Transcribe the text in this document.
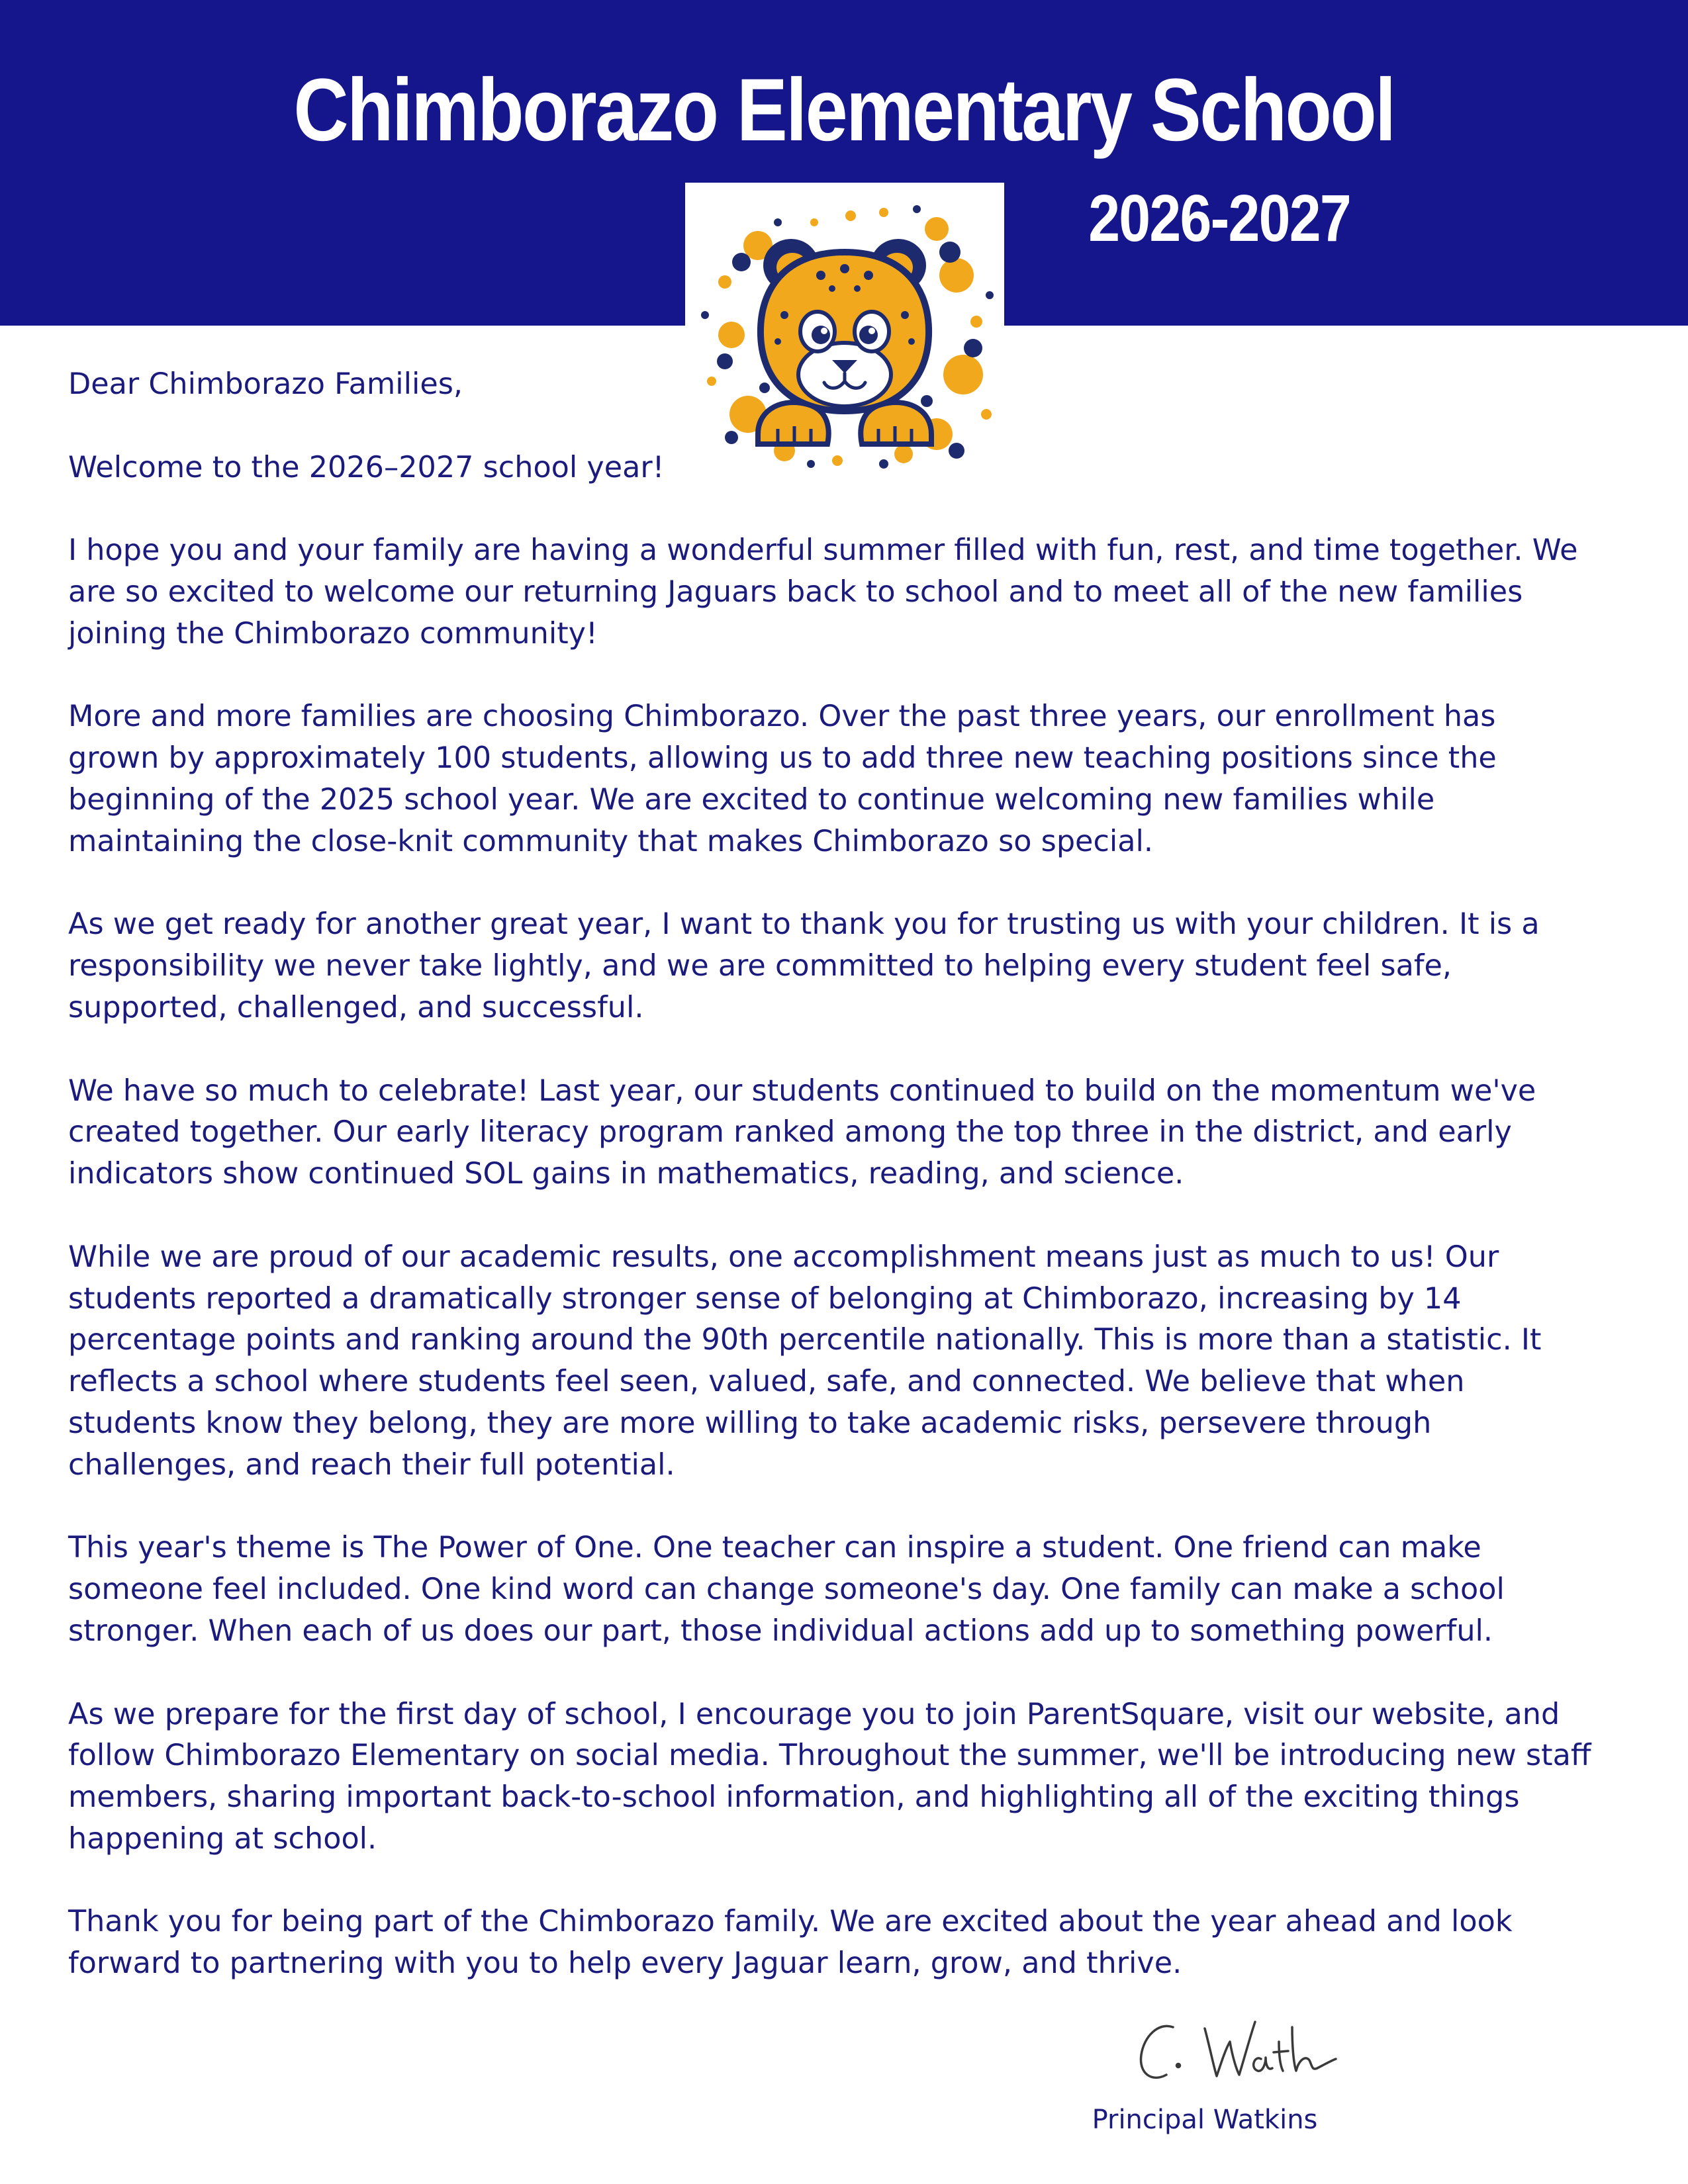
Chimborazo Elementary School
2026-2027

Dear Chimborazo Families,

Welcome to the 2026–2027 school year!

I hope you and your family are having a wonderful summer filled with fun, rest, and time together. We
are so excited to welcome our returning Jaguars back to school and to meet all of the new families
joining the Chimborazo community!

More and more families are choosing Chimborazo. Over the past three years, our enrollment has
grown by approximately 100 students, allowing us to add three new teaching positions since the
beginning of the 2025 school year. We are excited to continue welcoming new families while
maintaining the close-knit community that makes Chimborazo so special.

As we get ready for another great year, I want to thank you for trusting us with your children. It is a
responsibility we never take lightly, and we are committed to helping every student feel safe,
supported, challenged, and successful.

We have so much to celebrate! Last year, our students continued to build on the momentum we've
created together. Our early literacy program ranked among the top three in the district, and early
indicators show continued SOL gains in mathematics, reading, and science.

While we are proud of our academic results, one accomplishment means just as much to us! Our
students reported a dramatically stronger sense of belonging at Chimborazo, increasing by 14
percentage points and ranking around the 90th percentile nationally. This is more than a statistic. It
reflects a school where students feel seen, valued, safe, and connected. We believe that when
students know they belong, they are more willing to take academic risks, persevere through
challenges, and reach their full potential.

This year's theme is The Power of One. One teacher can inspire a student. One friend can make
someone feel included. One kind word can change someone's day. One family can make a school
stronger. When each of us does our part, those individual actions add up to something powerful.

As we prepare for the first day of school, I encourage you to join ParentSquare, visit our website, and
follow Chimborazo Elementary on social media. Throughout the summer, we'll be introducing new staff
members, sharing important back-to-school information, and highlighting all of the exciting things
happening at school.

Thank you for being part of the Chimborazo family. We are excited about the year ahead and look
forward to partnering with you to help every Jaguar learn, grow, and thrive.

Principal Watkins
